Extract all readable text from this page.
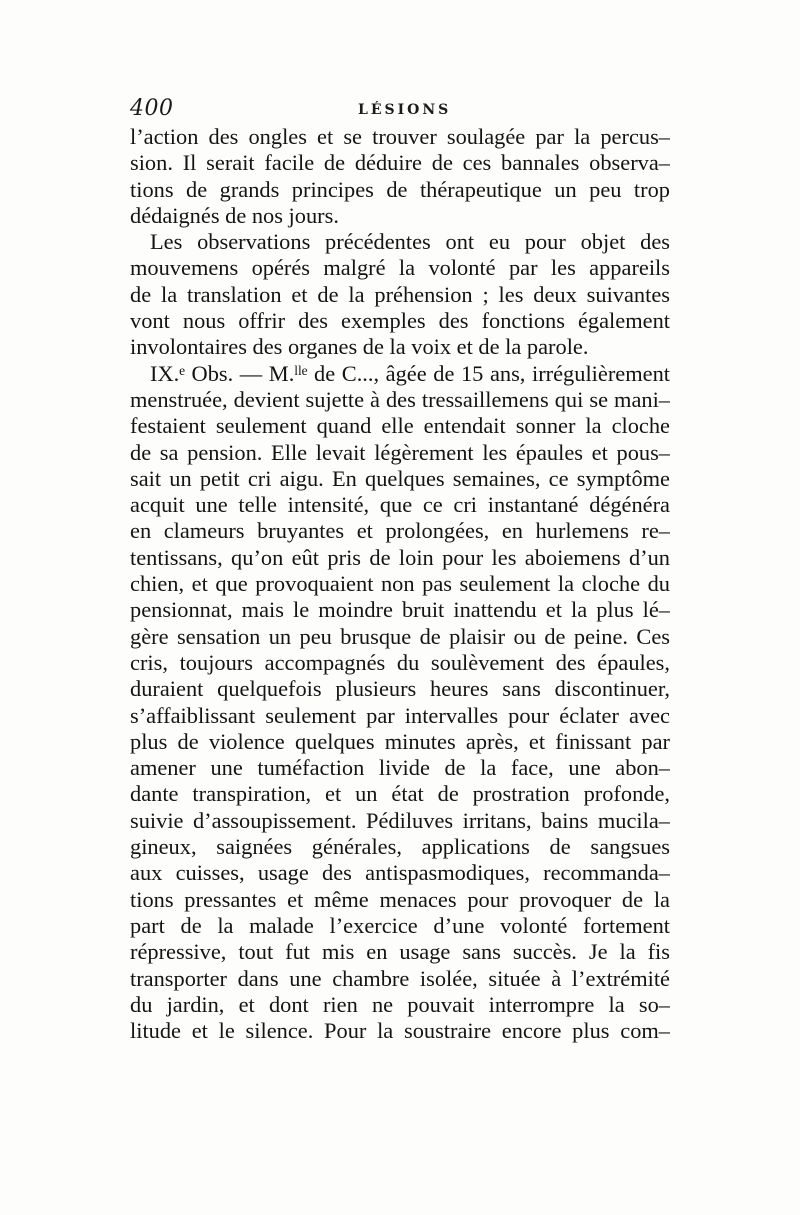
400	LÉSIONS
l’action des ongles et se trouver soulagée par la percus–
sion. Il serait facile de déduire de ces bannales observa–
tions de grands principes de thérapeutique un peu trop
dédaignés de nos jours.
Les observations précédentes ont eu pour objet des
mouvemens opérés malgré la volonté par les appareils
de la translation et de la préhension ; les deux suivantes
vont nous offrir des exemples des fonctions également
involontaires des organes de la voix et de la parole.
IX.ᵉ Obs. — M.ˡˡᵉ de C..., âgée de 15 ans, irrégulièrement
menstruée, devient sujette à des tressaillemens qui se mani–
festaient seulement quand elle entendait sonner la cloche
de sa pension. Elle levait légèrement les épaules et pous–
sait un petit cri aigu. En quelques semaines, ce symptôme
acquit une telle intensité, que ce cri instantané dégénéra
en clameurs bruyantes et prolongées, en hurlemens re–
tentissans, qu’on eût pris de loin pour les aboiemens d’un
chien, et que provoquaient non pas seulement la cloche du
pensionnat, mais le moindre bruit inattendu et la plus lé–
gère sensation un peu brusque de plaisir ou de peine. Ces
cris, toujours accompagnés du soulèvement des épaules,
duraient quelquefois plusieurs heures sans discontinuer,
s’affaiblissant seulement par intervalles pour éclater avec
plus de violence quelques minutes après, et finissant par
amener une tuméfaction livide de la face, une abon–
dante transpiration, et un état de prostration profonde,
suivie d’assoupissement. Pédiluves irritans, bains mucila–
gineux, saignées générales, applications de sangsues
aux cuisses, usage des antispasmodiques, recommanda–
tions pressantes et même menaces pour provoquer de la
part de la malade l’exercice d’une volonté fortement
répressive, tout fut mis en usage sans succès. Je la fis
transporter dans une chambre isolée, située à l’extrémité
du jardin, et dont rien ne pouvait interrompre la so–
litude et le silence. Pour la soustraire encore plus com–
